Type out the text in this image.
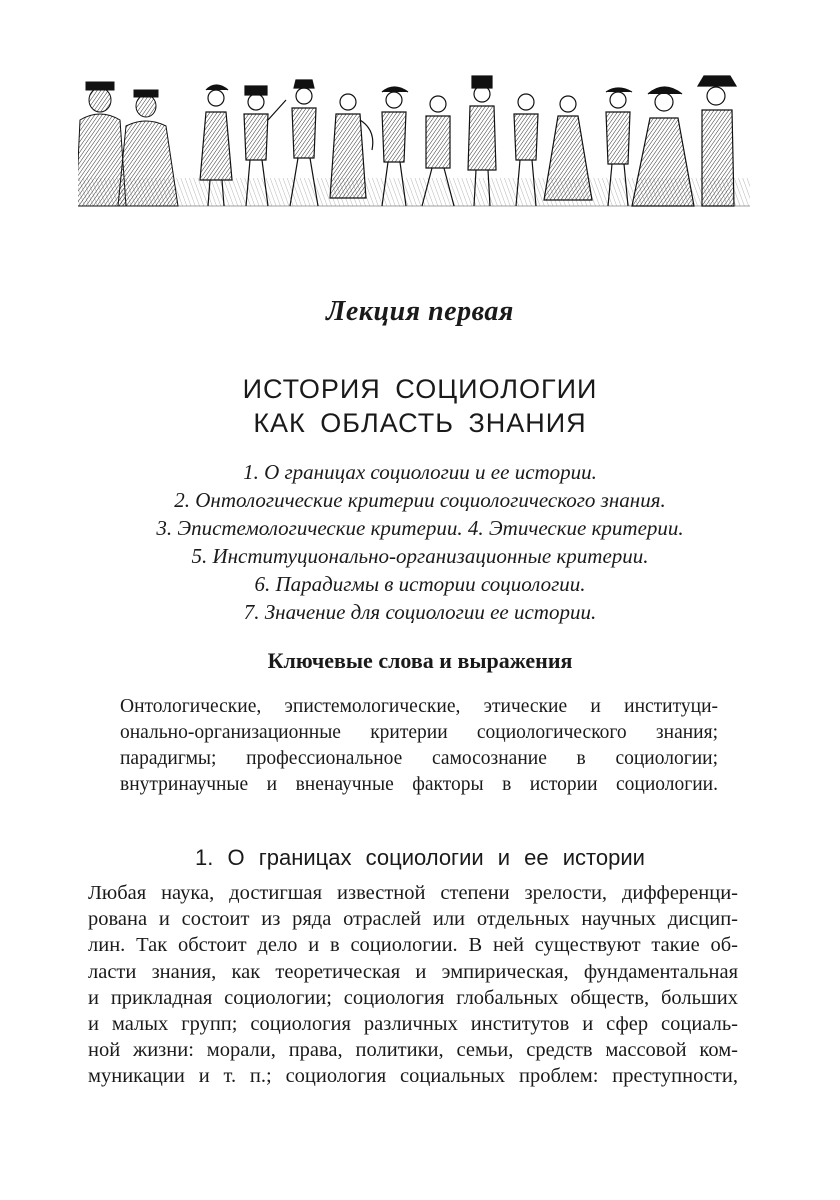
Лекция первая
ИСТОРИЯ СОЦИОЛОГИИ
КАК ОБЛАСТЬ ЗНАНИЯ
1. О границах социологии и ее истории.
2. Онтологические критерии социологического знания.
3. Эпистемологические критерии. 4. Этические критерии.
5. Институционально-организационные критерии.
6. Парадигмы в истории социологии.
7. Значение для социологии ее истории.
Ключевые слова и выражения
Онтологические, эпистемологические, этические и институци-
онально-организационные критерии социологического знания;
парадигмы; профессиональное самосознание в социологии;
внутринаучные и вненаучные факторы в истории социологии.
1. О границах социологии и ее истории
Любая наука, достигшая известной степени зрелости, дифференци-
рована и состоит из ряда отраслей или отдельных научных дисцип-
лин. Так обстоит дело и в социологии. В ней существуют такие об-
ласти знания, как теоретическая и эмпирическая, фундаментальная
и прикладная социологии; социология глобальных обществ, больших
и малых групп; социология различных институтов и сфер социаль-
ной жизни: морали, права, политики, семьи, средств массовой ком-
муникации и т. п.; социология социальных проблем: преступности,
